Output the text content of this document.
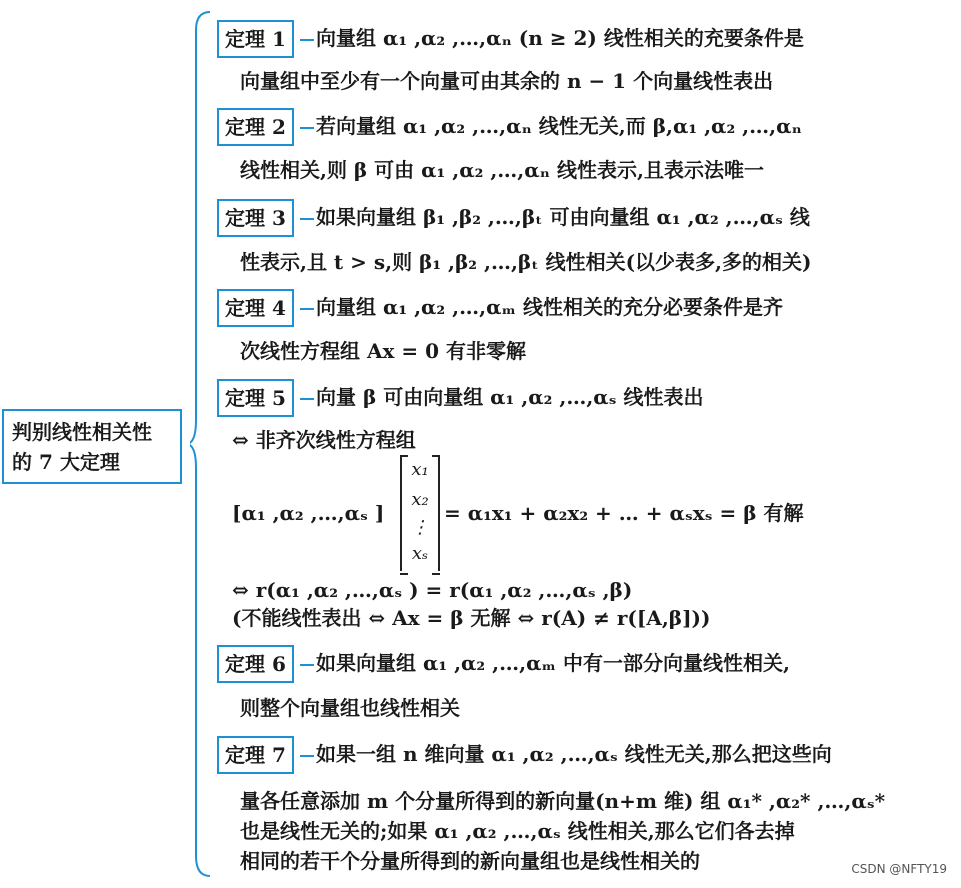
判别线性相关性
的 7 大定理
定理 1	向量组 α₁ ,α₂ ,…,αₙ (n ≥ 2) 线性相关的充要条件是
向量组中至少有一个向量可由其余的 n − 1 个向量线性表出
定理 2	若向量组 α₁ ,α₂ ,…,αₙ 线性无关,而 β,α₁ ,α₂ ,…,αₙ
线性相关,则 β 可由 α₁ ,α₂ ,…,αₙ 线性表示,且表示法唯一
定理 3	如果向量组 β₁ ,β₂ ,…,βₜ 可由向量组 α₁ ,α₂ ,…,αₛ 线
性表示,且 t > s,则 β₁ ,β₂ ,…,βₜ 线性相关(以少表多,多的相关)
定理 4	向量组 α₁ ,α₂ ,…,αₘ 线性相关的充分必要条件是齐
次线性方程组 Ax = 0 有非零解
定理 5	向量 β 可由向量组 α₁ ,α₂ ,…,αₛ 线性表出
⇔ 非齐次线性方程组
[α₁ ,α₂ ,…,αₛ ]
x₁
x₂
⋮
xₛ
= α₁x₁ + α₂x₂ + … + αₛxₛ = β 有解
⇔ r(α₁ ,α₂ ,…,αₛ ) = r(α₁ ,α₂ ,…,αₛ ,β)
(不能线性表出 ⇔ Ax = β 无解 ⇔ r(A) ≠ r([A,β]))
定理 6	如果向量组 α₁ ,α₂ ,…,αₘ 中有一部分向量线性相关,
则整个向量组也线性相关
定理 7	如果一组 n 维向量 α₁ ,α₂ ,…,αₛ 线性无关,那么把这些向
量各任意添加 m 个分量所得到的新向量(n+m 维) 组 α₁* ,α₂* ,…,αₛ*
也是线性无关的;如果 α₁ ,α₂ ,…,αₛ 线性相关,那么它们各去掉
相同的若干个分量所得到的新向量组也是线性相关的	CSDN @NFTY19
